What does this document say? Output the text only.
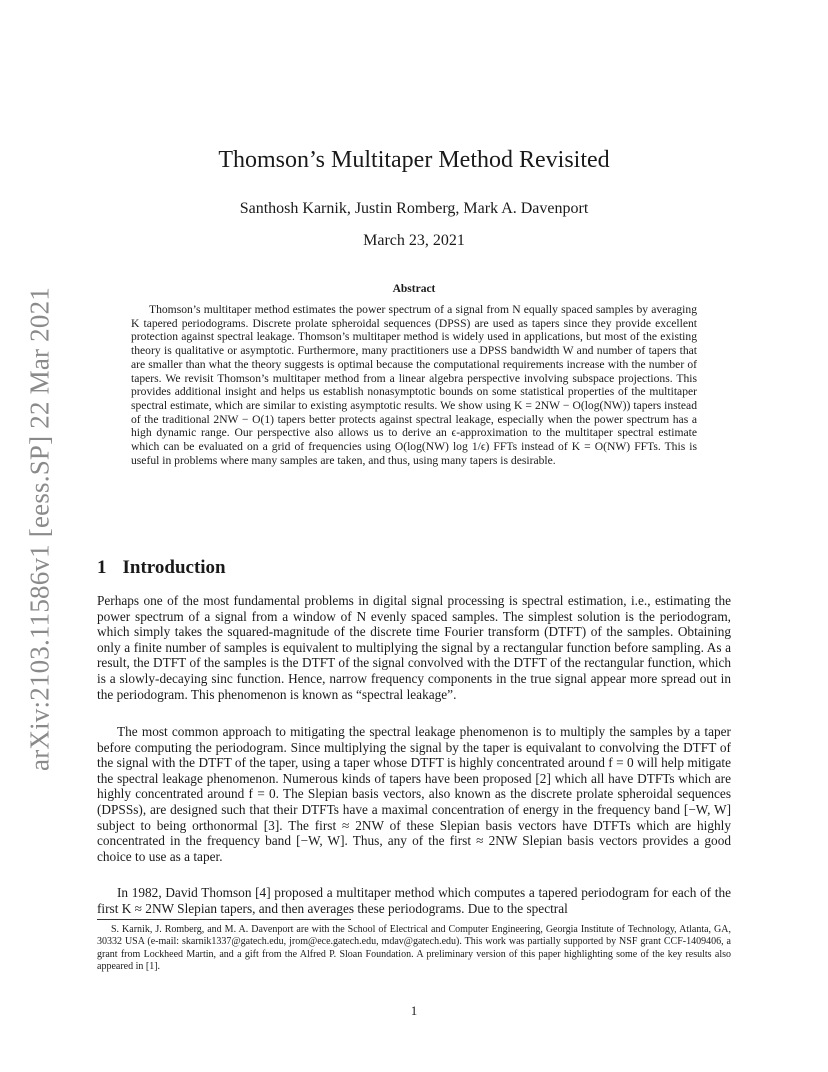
arXiv:2103.11586v1 [eess.SP] 22 Mar 2021
Thomson’s Multitaper Method Revisited
Santhosh Karnik, Justin Romberg, Mark A. Davenport
March 23, 2021
Abstract

Thomson’s multitaper method estimates the power spectrum of a signal from N equally spaced samples by averaging K tapered periodograms. Discrete prolate spheroidal sequences (DPSS) are used as tapers since they provide excellent protection against spectral leakage. Thomson’s multitaper method is widely used in applications, but most of the existing theory is qualitative or asymptotic. Furthermore, many practitioners use a DPSS bandwidth W and number of tapers that are smaller than what the theory suggests is optimal because the computational requirements increase with the number of tapers. We revisit Thomson’s multitaper method from a linear algebra perspective involving subspace projections. This provides additional insight and helps us establish nonasymptotic bounds on some statistical properties of the multitaper spectral estimate, which are similar to existing asymptotic results. We show using K = 2NW − O(log(NW)) tapers instead of the traditional 2NW − O(1) tapers better protects against spectral leakage, especially when the power spectrum has a high dynamic range. Our perspective also allows us to derive an ϵ-approximation to the multitaper spectral estimate which can be evaluated on a grid of frequencies using O(log(NW) log 1/ϵ) FFTs instead of K = O(NW) FFTs. This is useful in problems where many samples are taken, and thus, using many tapers is desirable.

1 Introduction

Perhaps one of the most fundamental problems in digital signal processing is spectral estimation, i.e., estimating the power spectrum of a signal from a window of N evenly spaced samples. The simplest solution is the periodogram, which simply takes the squared-magnitude of the discrete time Fourier transform (DTFT) of the samples. Obtaining only a finite number of samples is equivalent to multiplying the signal by a rectangular function before sampling. As a result, the DTFT of the samples is the DTFT of the signal convolved with the DTFT of the rectangular function, which is a slowly-decaying sinc function. Hence, narrow frequency components in the true signal appear more spread out in the periodogram. This phenomenon is known as “spectral leakage”.

The most common approach to mitigating the spectral leakage phenomenon is to multiply the samples by a taper before computing the periodogram. Since multiplying the signal by the taper is equivalant to convolving the DTFT of the signal with the DTFT of the taper, using a taper whose DTFT is highly concentrated around f = 0 will help mitigate the spectral leakage phenomenon. Numerous kinds of tapers have been proposed [2] which all have DTFTs which are highly concentrated around f = 0. The Slepian basis vectors, also known as the discrete prolate spheroidal sequences (DPSSs), are designed such that their DTFTs have a maximal concentration of energy in the frequency band [−W, W] subject to being orthonormal [3]. The first ≈ 2NW of these Slepian basis vectors have DTFTs which are highly concentrated in the frequency band [−W, W]. Thus, any of the first ≈ 2NW Slepian basis vectors provides a good choice to use as a taper.

In 1982, David Thomson [4] proposed a multitaper method which computes a tapered periodogram for each of the first K ≈ 2NW Slepian tapers, and then averages these periodograms. Due to the spectral

S. Karnik, J. Romberg, and M. A. Davenport are with the School of Electrical and Computer Engineering, Georgia Institute of Technology, Atlanta, GA, 30332 USA (e-mail: skarnik1337@gatech.edu, jrom@ece.gatech.edu, mdav@gatech.edu). This work was partially supported by NSF grant CCF-1409406, a grant from Lockheed Martin, and a gift from the Alfred P. Sloan Foundation. A preliminary version of this paper highlighting some of the key results also appeared in [1].

1
